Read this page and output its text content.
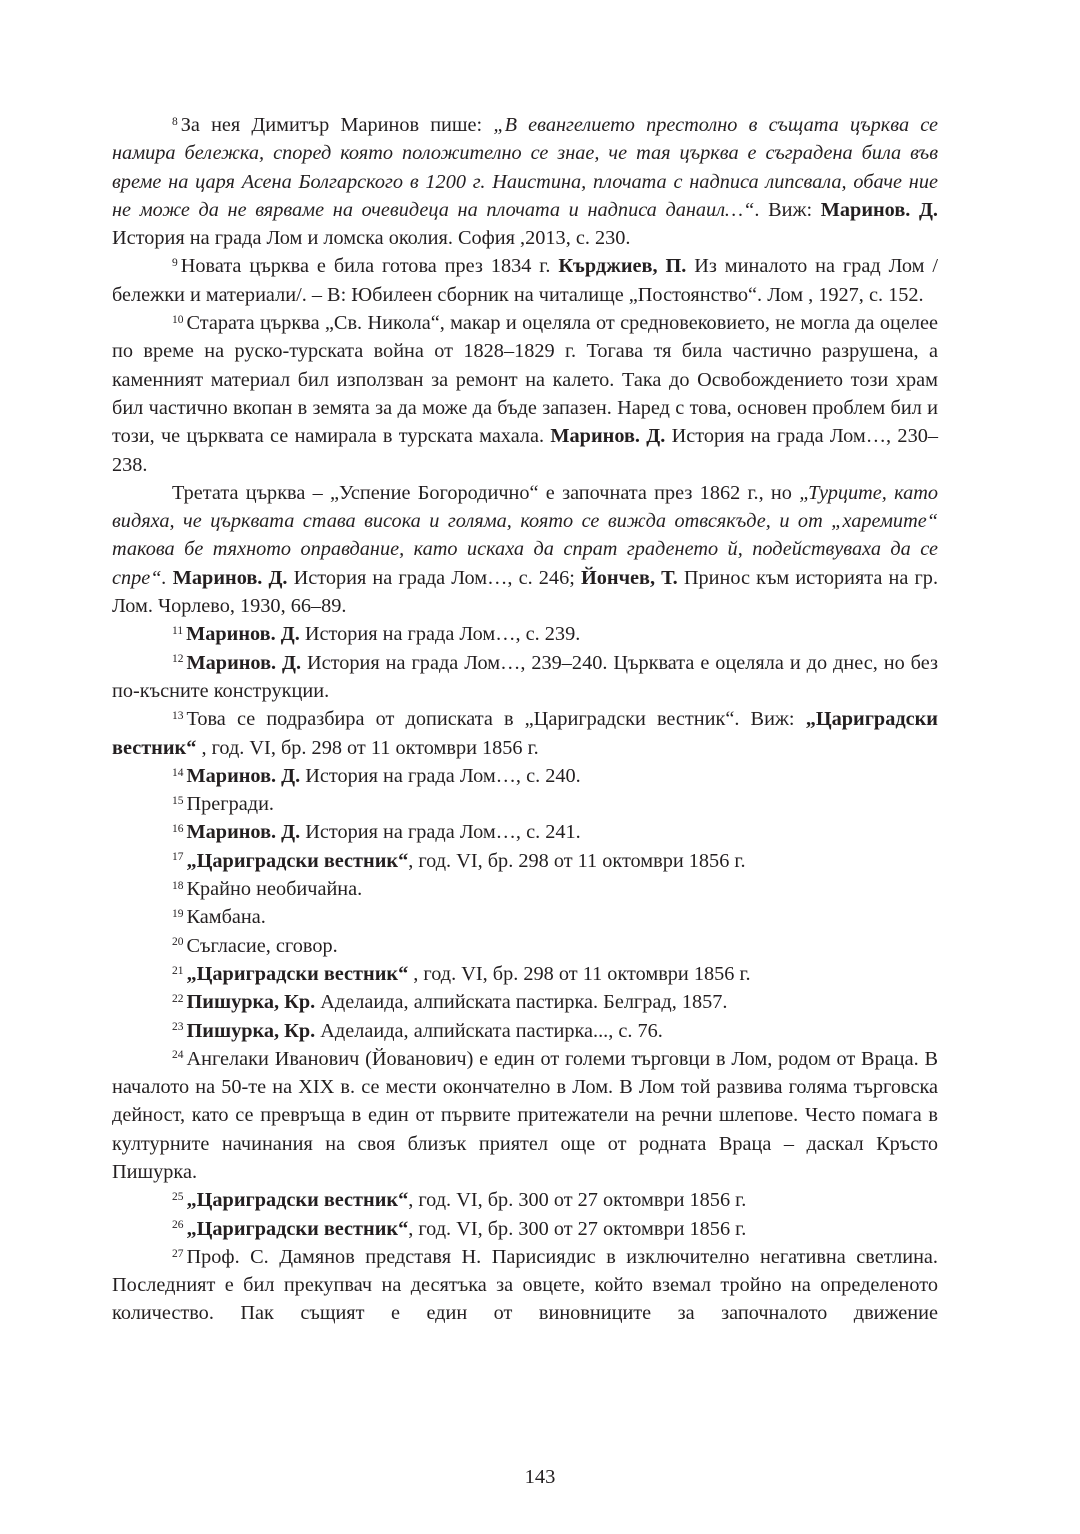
$^8$ За нея Димитър Маринов пише: „В евангелието престолно в същата църква се намира бележка, според която положително се знае, че тая църква е съградена била във време на царя Асена Болгарского в 1200 г. Наистина, плочата с надписа липсвала, обаче ние не може да не вярваме на очевидеца на плочата и надписа данаил…“. Виж: Маринов. Д. История на града Лом и ломска околия. София ,2013, с. 230.

$^9$ Новата църква е била готова през 1834 г. Кърджиев, П. Из миналото на град Лом /бележки и материали/. – В: Юбилеен сборник на читалище „Постоянство“. Лом , 1927, с. 152.

$^{10}$ Старата църква „Св. Никола“, макар и оцеляла от средновековието, не могла да оцелее по време на руско-турската война от 1828–1829 г. Тогава тя била частично разрушена, а каменният материал бил използван за ремонт на калето. Така до Освобождението този храм бил частично вкопан в земята за да може да бъде запазен. Наред с това, основен проблем бил и този, че църквата се намирала в турската махала. Маринов. Д. История на града Лом…, 230–238.

Третата църква – „Успение Богородично“ е започната през 1862 г., но „Турците, като видяха, че църквата става висока и голяма, която се вижда отвсякъде, и от „харемите“ такова бе тяхното оправдание, като искаха да спрат граденето й, подействуваха да се спре“. Маринов. Д. История на града Лом…, с. 246; Йончев, Т. Принос към историята на гр. Лом. Чорлево, 1930, 66–89.

$^{11}$ Маринов. Д. История на града Лом…, с. 239.

$^{12}$ Маринов. Д. История на града Лом…, 239–240. Църквата е оцеляла и до днес, но без по-късните конструкции.

$^{13}$ Това се подразбира от дописката в „Цариградски вестник“. Виж: „Цариградски вестник“ , год. VI, бр. 298 от 11 октомври 1856 г.

$^{14}$ Маринов. Д. История на града Лом…, с. 240.

$^{15}$ Прегради.

$^{16}$ Маринов. Д. История на града Лом…, с. 241.

$^{17}$ „Цариградски вестник“, год. VI, бр. 298 от 11 октомври 1856 г.

$^{18}$ Крайно необичайна.

$^{19}$ Камбана.

$^{20}$ Съгласие, сговор.

$^{21}$ „Цариградски вестник“ , год. VI, бр. 298 от 11 октомври 1856 г.

$^{22}$ Пишурка, Кр. Аделаида, алпийската пастирка. Белград, 1857.

$^{23}$ Пишурка, Кр. Аделаида, алпийската пастирка..., с. 76.

$^{24}$ Ангелаки Иванович (Йованович) е един от големи търговци в Лом, родом от Враца. В началото на 50-те на XIX в. се мести окончателно в Лом. В Лом той развива голяма търговска дейност, като се превръща в един от първите притежатели на речни шлепове. Често помага в културните начинания на своя близък приятел още от родната Враца – даскал Кръсто Пишурка.

$^{25}$ „Цариградски вестник“, год. VI, бр. 300 от 27 октомври 1856 г.

$^{26}$ „Цариградски вестник“, год. VI, бр. 300 от 27 октомври 1856 г.

$^{27}$ Проф. С. Дамянов представя Н. Парисиядис в изключително негативна светлина. Последният е бил прекупвач на десятъка за овцете, който вземал тройно на определеното количество. Пак същият е един от виновниците за започналото движение

143
